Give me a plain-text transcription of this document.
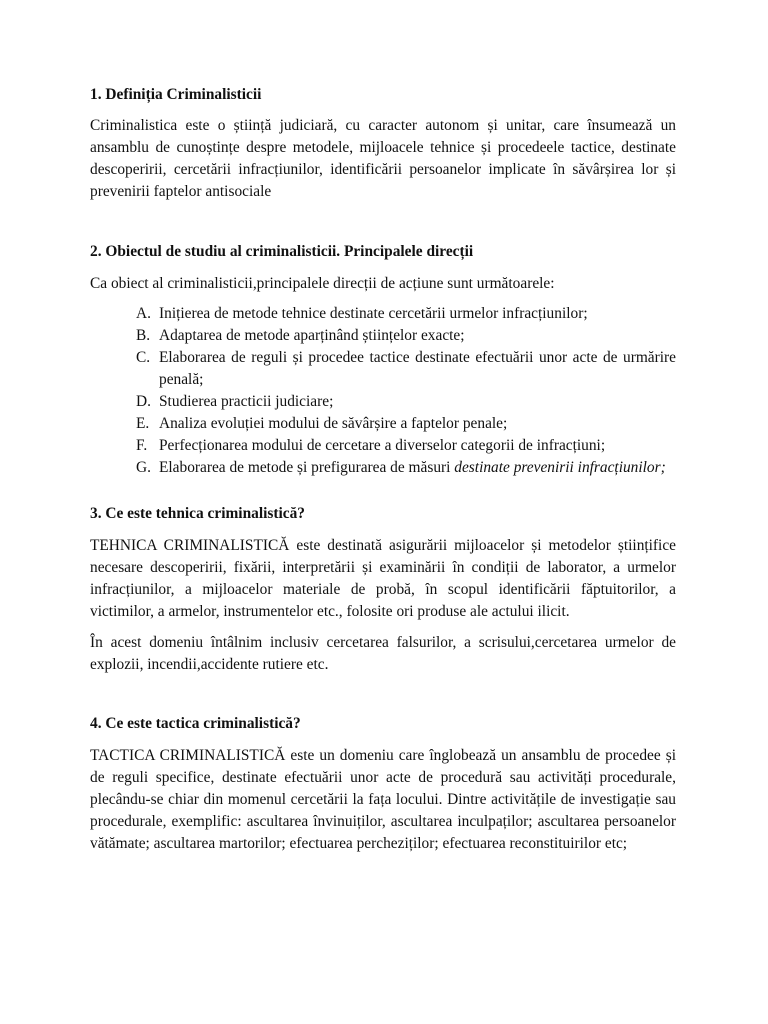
1. Definiția Criminalisticii

Criminalistica este o știință judiciară, cu caracter autonom și unitar, care însumează un ansamblu de cunoștințe despre metodele, mijloacele tehnice și procedeele tactice, destinate descoperirii, cercetării infracțiunilor, identificării persoanelor implicate în săvârșirea lor și prevenirii faptelor antisociale

2. Obiectul de studiu al criminalisticii. Principalele direcții

Ca obiect al criminalisticii,principalele direcții de acțiune sunt următoarele:

A. Inițierea de metode tehnice destinate cercetării urmelor infracțiunilor;
B. Adaptarea de metode aparținând științelor exacte;
C. Elaborarea de reguli și procedee tactice destinate efectuării unor acte de urmărire penală;
D. Studierea practicii judiciare;
E. Analiza evoluției modului de săvârșire a faptelor penale;
F. Perfecționarea modului de cercetare a diverselor categorii de infracțiuni;
G. Elaborarea de metode și prefigurarea de măsuri destinate prevenirii infracțiunilor;

3. Ce este tehnica criminalistică?

TEHNICA CRIMINALISTICĂ este destinată asigurării mijloacelor și metodelor științifice necesare descoperirii, fixării, interpretării și examinării în condiții de laborator, a urmelor infracțiunilor, a mijloacelor materiale de probă, în scopul identificării făptuitorilor, a victimilor, a armelor, instrumentelor etc., folosite ori produse ale actului ilicit.

În acest domeniu întâlnim inclusiv cercetarea falsurilor, a scrisului,cercetarea urmelor de explozii, incendii,accidente rutiere etc.

4. Ce este tactica criminalistică?

TACTICA CRIMINALISTICĂ este un domeniu care înglobează un ansamblu de procedee și de reguli specifice, destinate efectuării unor acte de procedură sau activități procedurale, plecându-se chiar din momenul cercetării la fața locului. Dintre activitățile de investigație sau procedurale, exemplific: ascultarea învinuiților, ascultarea inculpaților; ascultarea persoanelor vătămate; ascultarea martorilor; efectuarea percheziților; efectuarea reconstituirilor etc;
